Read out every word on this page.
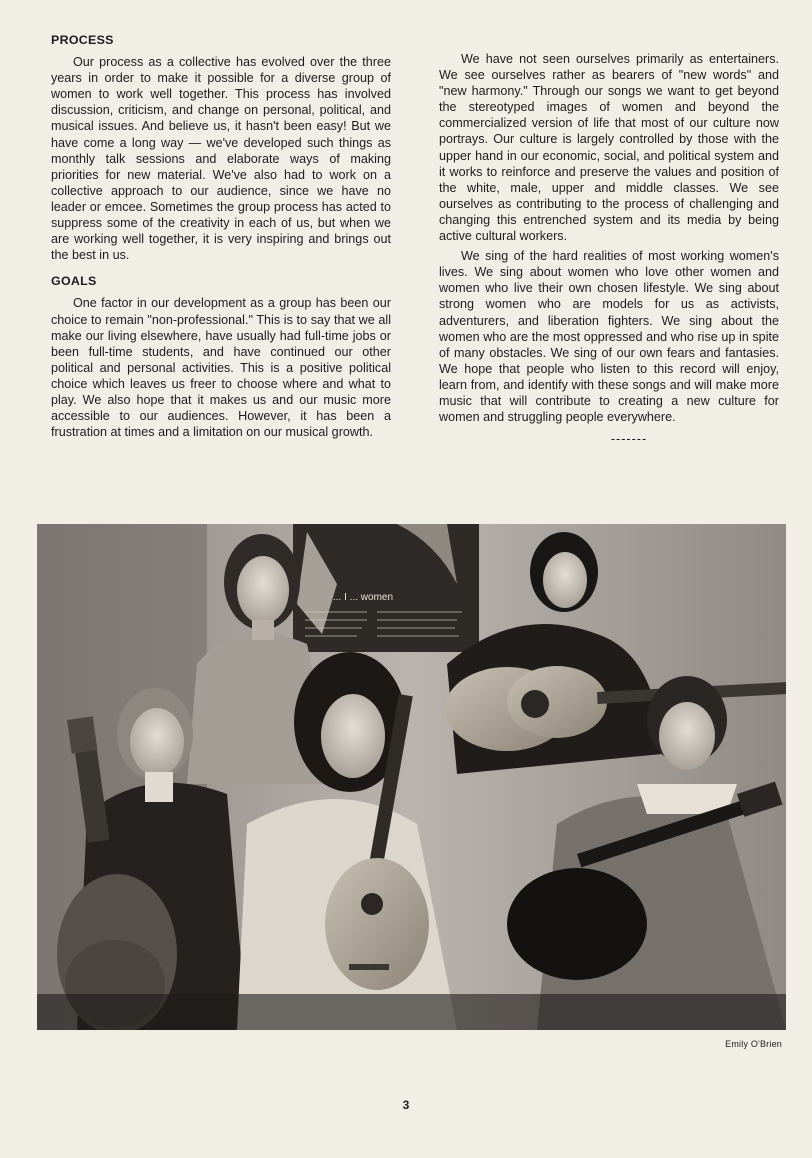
PROCESS
Our process as a collective has evolved over the three years in order to make it possible for a diverse group of women to work well together. This process has involved discussion, criticism, and change on personal, political, and musical issues. And believe us, it hasn't been easy! But we have come a long way — we've developed such things as monthly talk sessions and elaborate ways of making priorities for new material. We've also had to work on a collective approach to our audience, since we have no leader or emcee. Sometimes the group process has acted to suppress some of the creativity in each of us, but when we are working well together, it is very inspiring and brings out the best in us.
GOALS
One factor in our development as a group has been our choice to remain "non-professional." This is to say that we all make our living elsewhere, have usually had full-time jobs or been full-time students, and have continued our other political and personal activities. This is a positive political choice which leaves us freer to choose where and what to play. We also hope that it makes us and our music more accessible to our audiences. However, it has been a frustration at times and a limitation on our musical growth.
We have not seen ourselves primarily as entertainers. We see ourselves rather as bearers of "new words" and "new harmony." Through our songs we want to get beyond the stereotyped images of women and beyond the commercialized version of life that most of our culture now portrays. Our culture is largely controlled by those with the upper hand in our economic, social, and political system and it works to reinforce and preserve the values and position of the white, male, upper and middle classes. We see ourselves as contributing to the process of challenging and changing this entrenched system and its media by being active cultural workers.
We sing of the hard realities of most working women's lives. We sing about women who love other women and women who live their own chosen lifestyle. We sing about strong women who are models for us as activists, adventurers, and liberation fighters. We sing about the women who are the most oppressed and who rise up in spite of many obstacles. We sing of our own fears and fantasies. We hope that people who listen to this record will enjoy, learn from, and identify with these songs and will make more music that will contribute to creating a new culture for women and struggling people everywhere.
-------
... I ... women
Emily O'Brien
3
